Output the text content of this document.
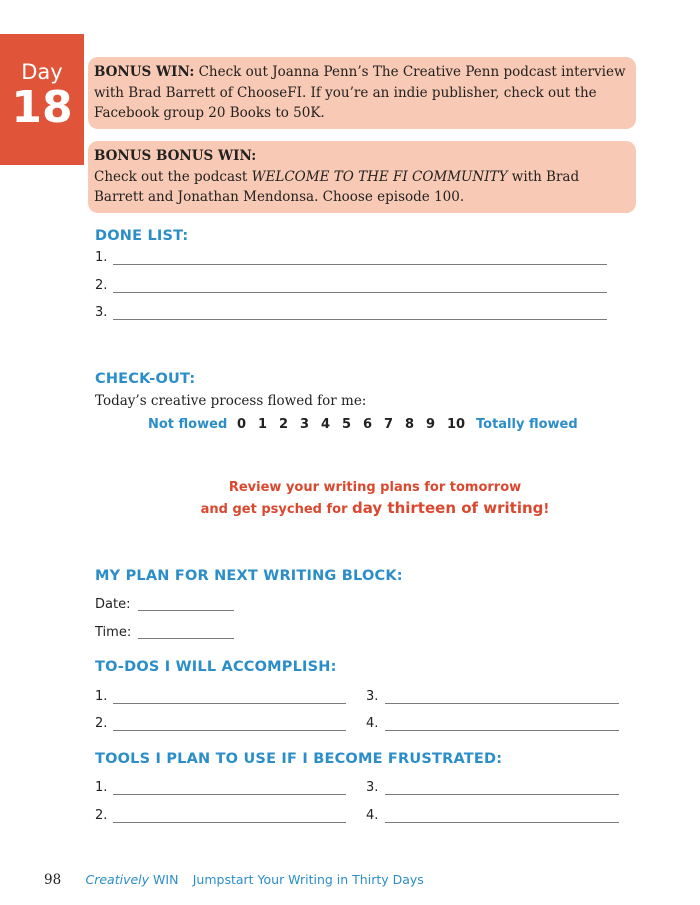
Day
18
BONUS WIN: Check out Joanna Penn’s The Creative Penn podcast interview with Brad Barrett of ChooseFI. If you’re an indie publisher, check out the Facebook group 20 Books to 50K.
BONUS BONUS WIN:
Check out the podcast WELCOME TO THE FI COMMUNITY with Brad Barrett and Jonathan Mendonsa. Choose episode 100.
DONE LIST:
1.
2.
3.
CHECK-OUT:
Today’s creative process flowed for me:
Not flowed 0 1 2 3 4 5 6 7 8 9 10 Totally flowed
Review your writing plans for tomorrow
and get psyched for day thirteen of writing!
MY PLAN FOR NEXT WRITING BLOCK:
Date:
Time:
TO-DOS I WILL ACCOMPLISH:
1.	3.
2.	4.
TOOLS I PLAN TO USE IF I BECOME FRUSTRATED:
1.	3.
2.	4.
98 Creatively WIN Jumpstart Your Writing in Thirty Days
